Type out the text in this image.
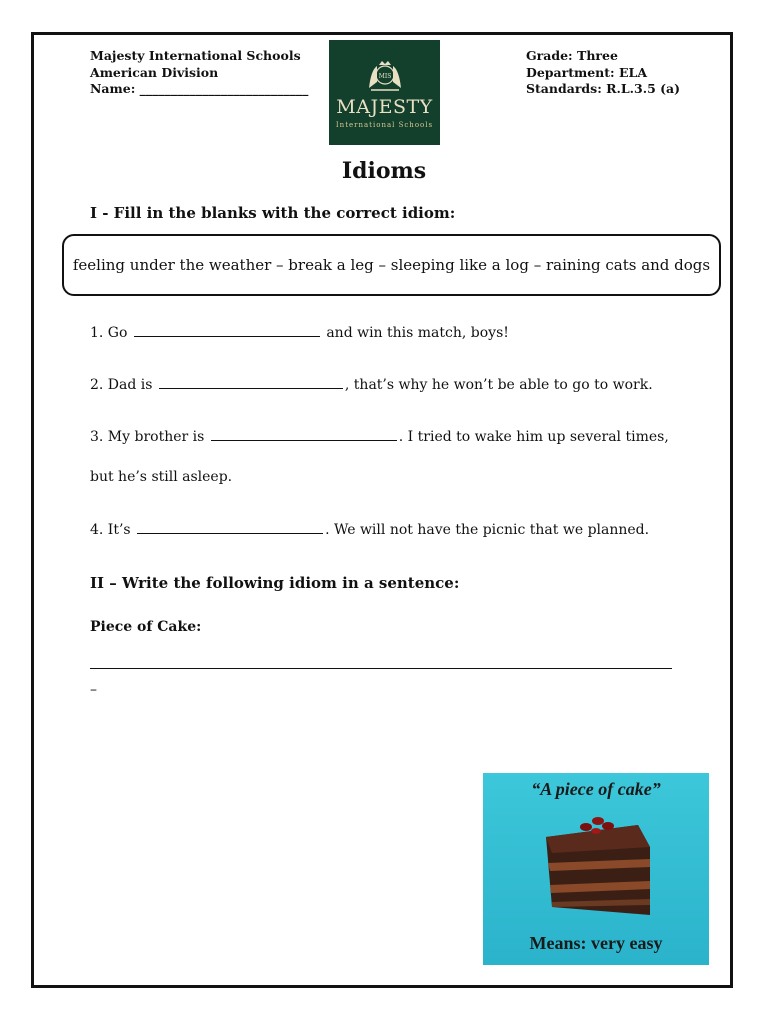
Majesty International Schools
American Division
Name: ___________________________
MIS
MAJESTY
International Schools
Grade: Three
Department: ELA
Standards: R.L.3.5 (a)
Idioms
I - Fill in the blanks with the correct idiom:
feeling under the weather – break a leg – sleeping like a log – raining cats and dogs
1. Go	and win this match, boys!
2. Dad is	, that’s why he won’t be able to go to work.
3. My brother is	. I tried to wake him up several times,
but he’s still asleep.
4. It’s	. We will not have the picnic that we planned.
II – Write the following idiom in a sentence:
Piece of Cake:
–
“A piece of cake”
Means: very easy
